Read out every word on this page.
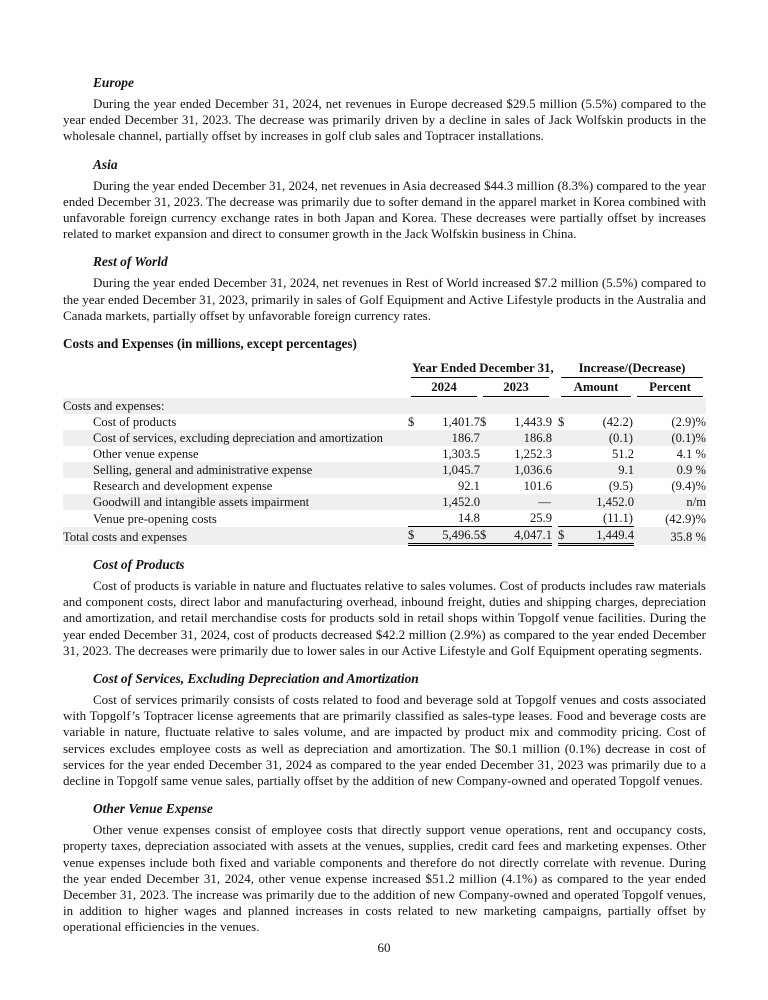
Europe

During the year ended December 31, 2024, net revenues in Europe decreased $29.5 million (5.5%) compared to the year ended December 31, 2023. The decrease was primarily driven by a decline in sales of Jack Wolfskin products in the wholesale channel, partially offset by increases in golf club sales and Toptracer installations.

Asia

During the year ended December 31, 2024, net revenues in Asia decreased $44.3 million (8.3%) compared to the year ended December 31, 2023. The decrease was primarily due to softer demand in the apparel market in Korea combined with unfavorable foreign currency exchange rates in both Japan and Korea. These decreases were partially offset by increases related to market expansion and direct to consumer growth in the Jack Wolfskin business in China.

Rest of World

During the year ended December 31, 2024, net revenues in Rest of World increased $7.2 million (5.5%) compared to the year ended December 31, 2023, primarily in sales of Golf Equipment and Active Lifestyle products in the Australia and Canada markets, partially offset by unfavorable foreign currency rates.

Costs and Expenses (in millions, except percentages)

	Year Ended December 31,					Increase/(Decrease)		

	2024		2023			Amount		Percent

Costs and expenses:								
Cost of products	$	1,401.7	$	1,443.9		$	(42.2)	(2.9)%
Cost of services, excluding depreciation and amortization		186.7		186.8			(0.1)	(0.1)%
Other venue expense		1,303.5		1,252.3			51.2	4.1 %
Selling, general and administrative expense		1,045.7		1,036.6			9.1	0.9 %
Research and development expense		92.1		101.6			(9.5)	(9.4)%
Goodwill and intangible assets impairment		1,452.0		—			1,452.0	n/m
Venue pre-opening costs		14.8		25.9			(11.1)	(42.9)%
Total costs and expenses	$	5,496.5	$	4,047.1		$	1,449.4	35.8 %
Cost of Products

Cost of products is variable in nature and fluctuates relative to sales volumes. Cost of products includes raw materials and component costs, direct labor and manufacturing overhead, inbound freight, duties and shipping charges, depreciation and amortization, and retail merchandise costs for products sold in retail shops within Topgolf venue facilities. During the year ended December 31, 2024, cost of products decreased $42.2 million (2.9%) as compared to the year ended December 31, 2023. The decreases were primarily due to lower sales in our Active Lifestyle and Golf Equipment operating segments.

Cost of Services, Excluding Depreciation and Amortization

Cost of services primarily consists of costs related to food and beverage sold at Topgolf venues and costs associated with Topgolf’s Toptracer license agreements that are primarily classified as sales-type leases. Food and beverage costs are variable in nature, fluctuate relative to sales volume, and are impacted by product mix and commodity pricing. Cost of services excludes employee costs as well as depreciation and amortization. The $0.1 million (0.1%) decrease in cost of services for the year ended December 31, 2024 as compared to the year ended December 31, 2023 was primarily due to a decline in Topgolf same venue sales, partially offset by the addition of new Company-owned and operated Topgolf venues.

Other Venue Expense

Other venue expenses consist of employee costs that directly support venue operations, rent and occupancy costs, property taxes, depreciation associated with assets at the venues, supplies, credit card fees and marketing expenses. Other venue expenses include both fixed and variable components and therefore do not directly correlate with revenue. During the year ended December 31, 2024, other venue expense increased $51.2 million (4.1%) as compared to the year ended December 31, 2023. The increase was primarily due to the addition of new Company-owned and operated Topgolf venues, in addition to higher wages and planned increases in costs related to new marketing campaigns, partially offset by operational efficiencies in the venues.

60
